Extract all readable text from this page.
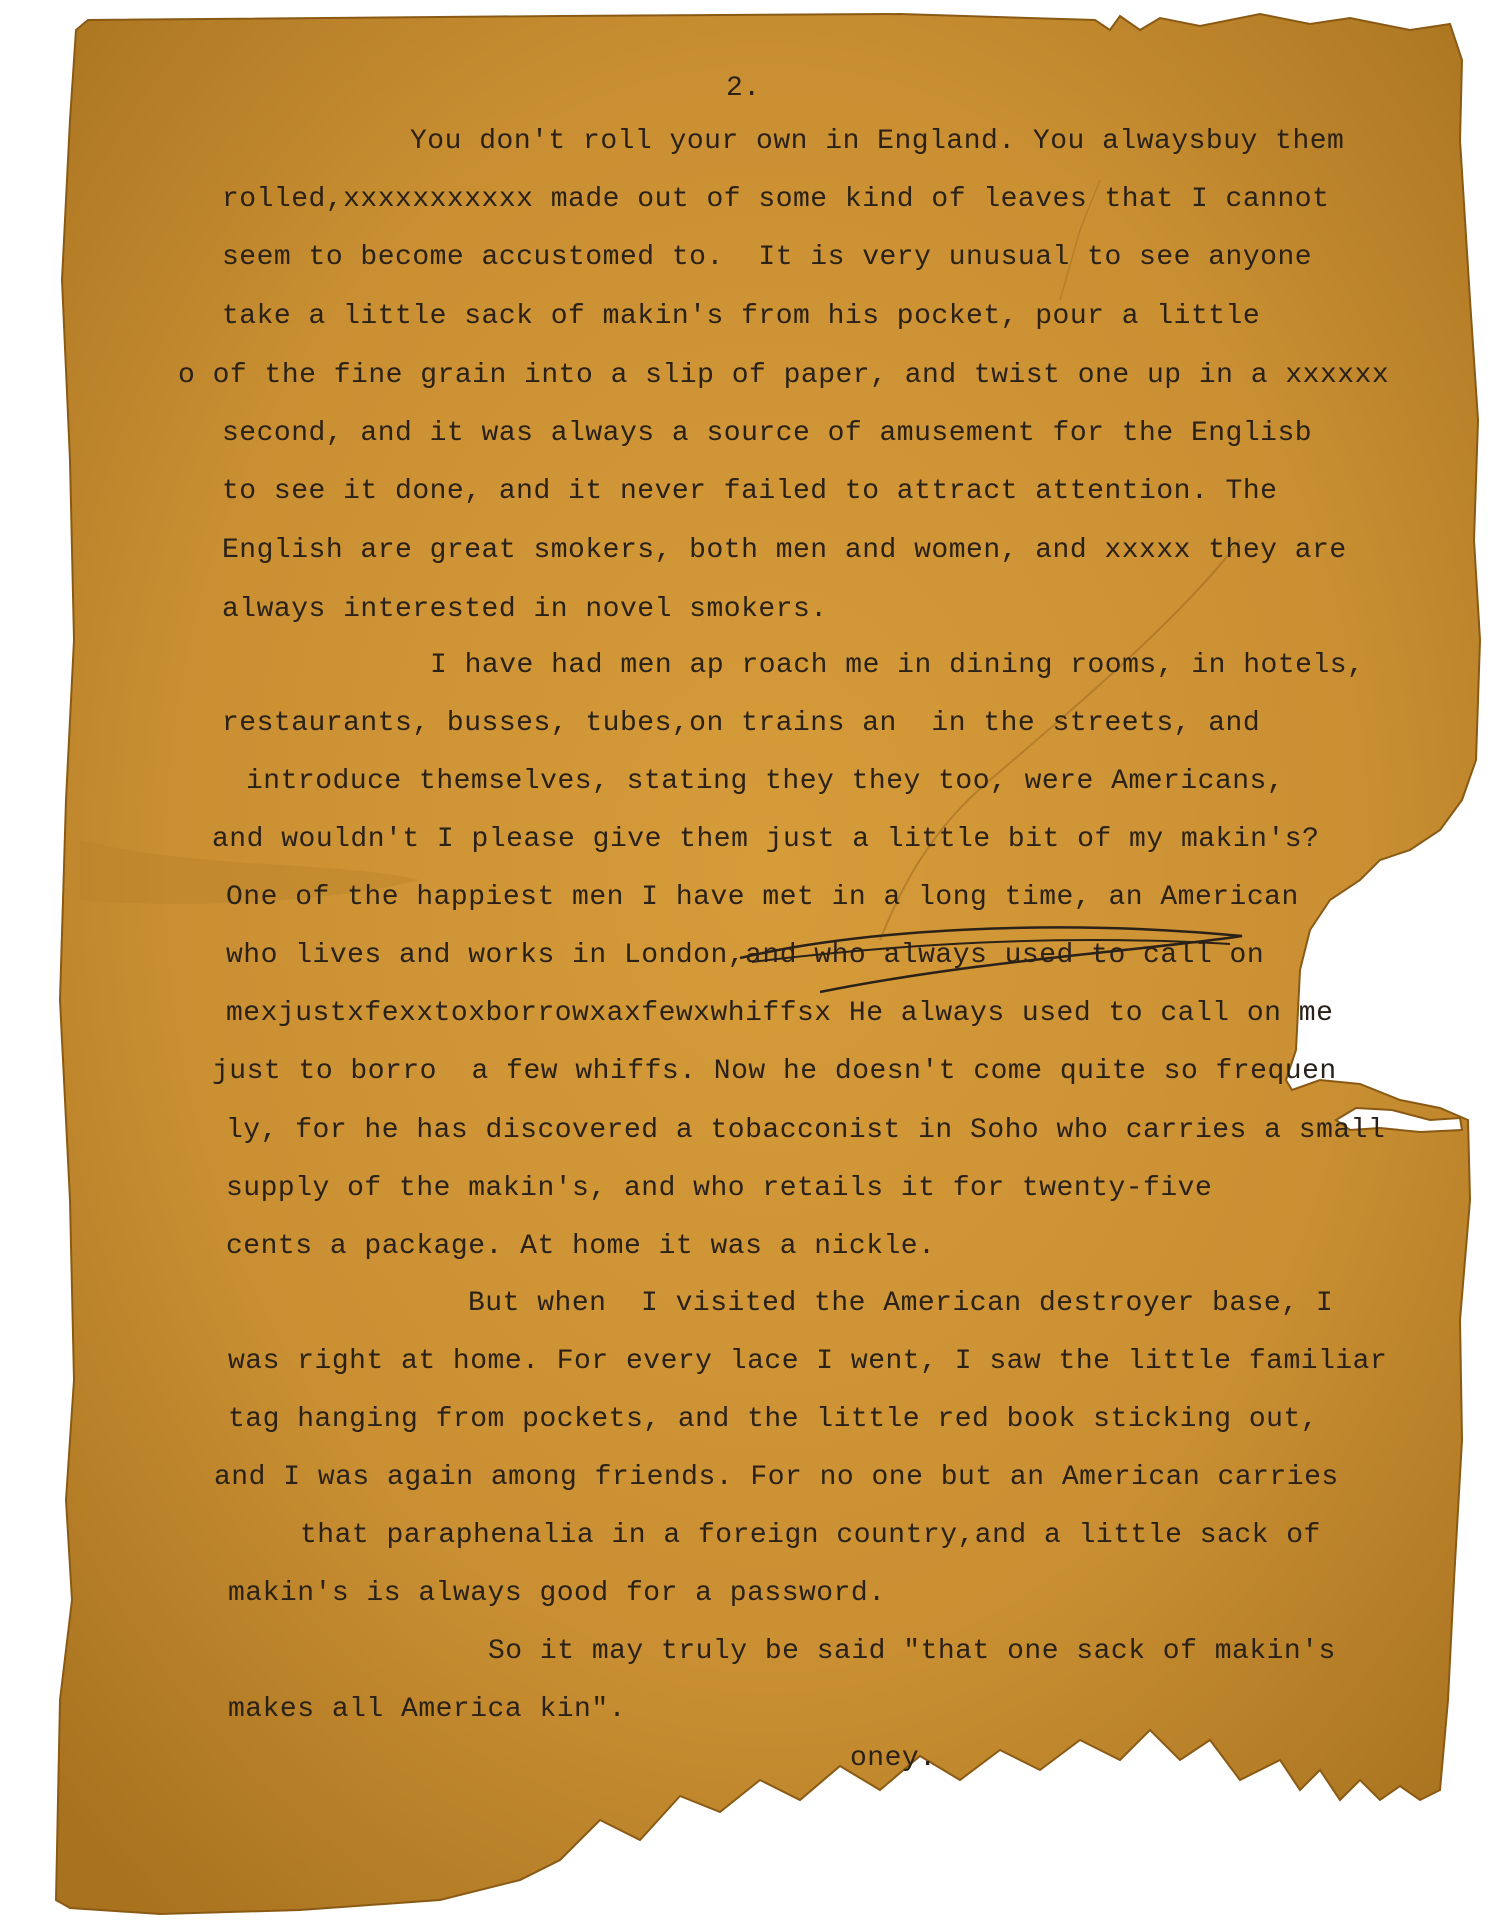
2.

You don't roll your own in England. You alwaysbuy them

rolled,xxxxxxxxxxx made out of some kind of leaves that I cannot

seem to become accustomed to.  It is very unusual to see anyone

take a little sack of makin's from his pocket, pour a little

o of the fine grain into a slip of paper, and twist one up in a xxxxxx

second, and it was always a source of amusement for the Englisb

to see it done, and it never failed to attract attention. The

English are great smokers, both men and women, and xxxxx they are

always interested in novel smokers.

I have had men ap roach me in dining rooms, in hotels,

restaurants, busses, tubes,on trains an  in the streets, and

introduce themselves, stating they they too, were Americans,

and wouldn't I please give them just a little bit of my makin's?

One of the happiest men I have met in a long time, an American

who lives and works in London,and who always used to call on

mexjustxfexxtoxborrowxaxfewxwhiffsx He always used to call on me

just to borro  a few whiffs. Now he doesn't come quite so frequen

ly, for he has discovered a tobacconist in Soho who carries a small

supply of the makin's, and who retails it for twenty-five

cents a package. At home it was a nickle.

But when  I visited the American destroyer base, I

was right at home. For every lace I went, I saw the little familiar

tag hanging from pockets, and the little red book sticking out,

and I was again among friends. For no one but an American carries

that paraphenalia in a foreign country,and a little sack of

makin's is always good for a password.

So it may truly be said "that one sack of makin's

makes all America kin".

oney.
